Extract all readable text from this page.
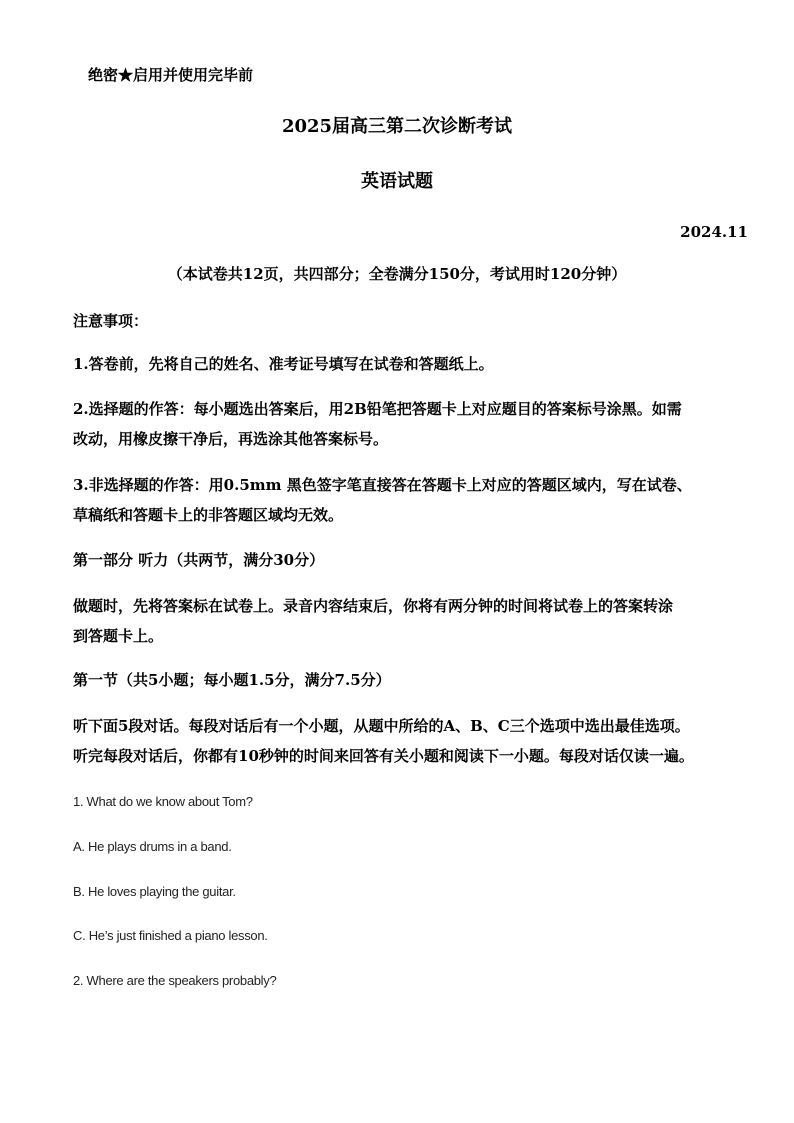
绝密★启用并使用完毕前
2025届高三第二次诊断考试
英语试题
2024.11
（本试卷共12页，共四部分；全卷满分150分，考试用时120分钟）
注意事项：
1.答卷前，先将自己的姓名、准考证号填写在试卷和答题纸上。
2.选择题的作答：每小题选出答案后，用2B铅笔把答题卡上对应题目的答案标号涂黑。如需
改动，用橡皮擦干净后，再选涂其他答案标号。
3.非选择题的作答：用0.5mm 黑色签字笔直接答在答题卡上对应的答题区域内，写在试卷、
草稿纸和答题卡上的非答题区域均无效。
第一部分 听力（共两节，满分30分）
做题时，先将答案标在试卷上。录音内容结束后，你将有两分钟的时间将试卷上的答案转涂
到答题卡上。
第一节（共5小题；每小题1.5分，满分7.5分）
听下面5段对话。每段对话后有一个小题，从题中所给的A、B、C三个选项中选出最佳选项。
听完每段对话后，你都有10秒钟的时间来回答有关小题和阅读下一小题。每段对话仅读一遍。
1. What do we know about Tom?
A. He plays drums in a band.
B. He loves playing the guitar.
C. He’s just finished a piano lesson.
2. Where are the speakers probably?
